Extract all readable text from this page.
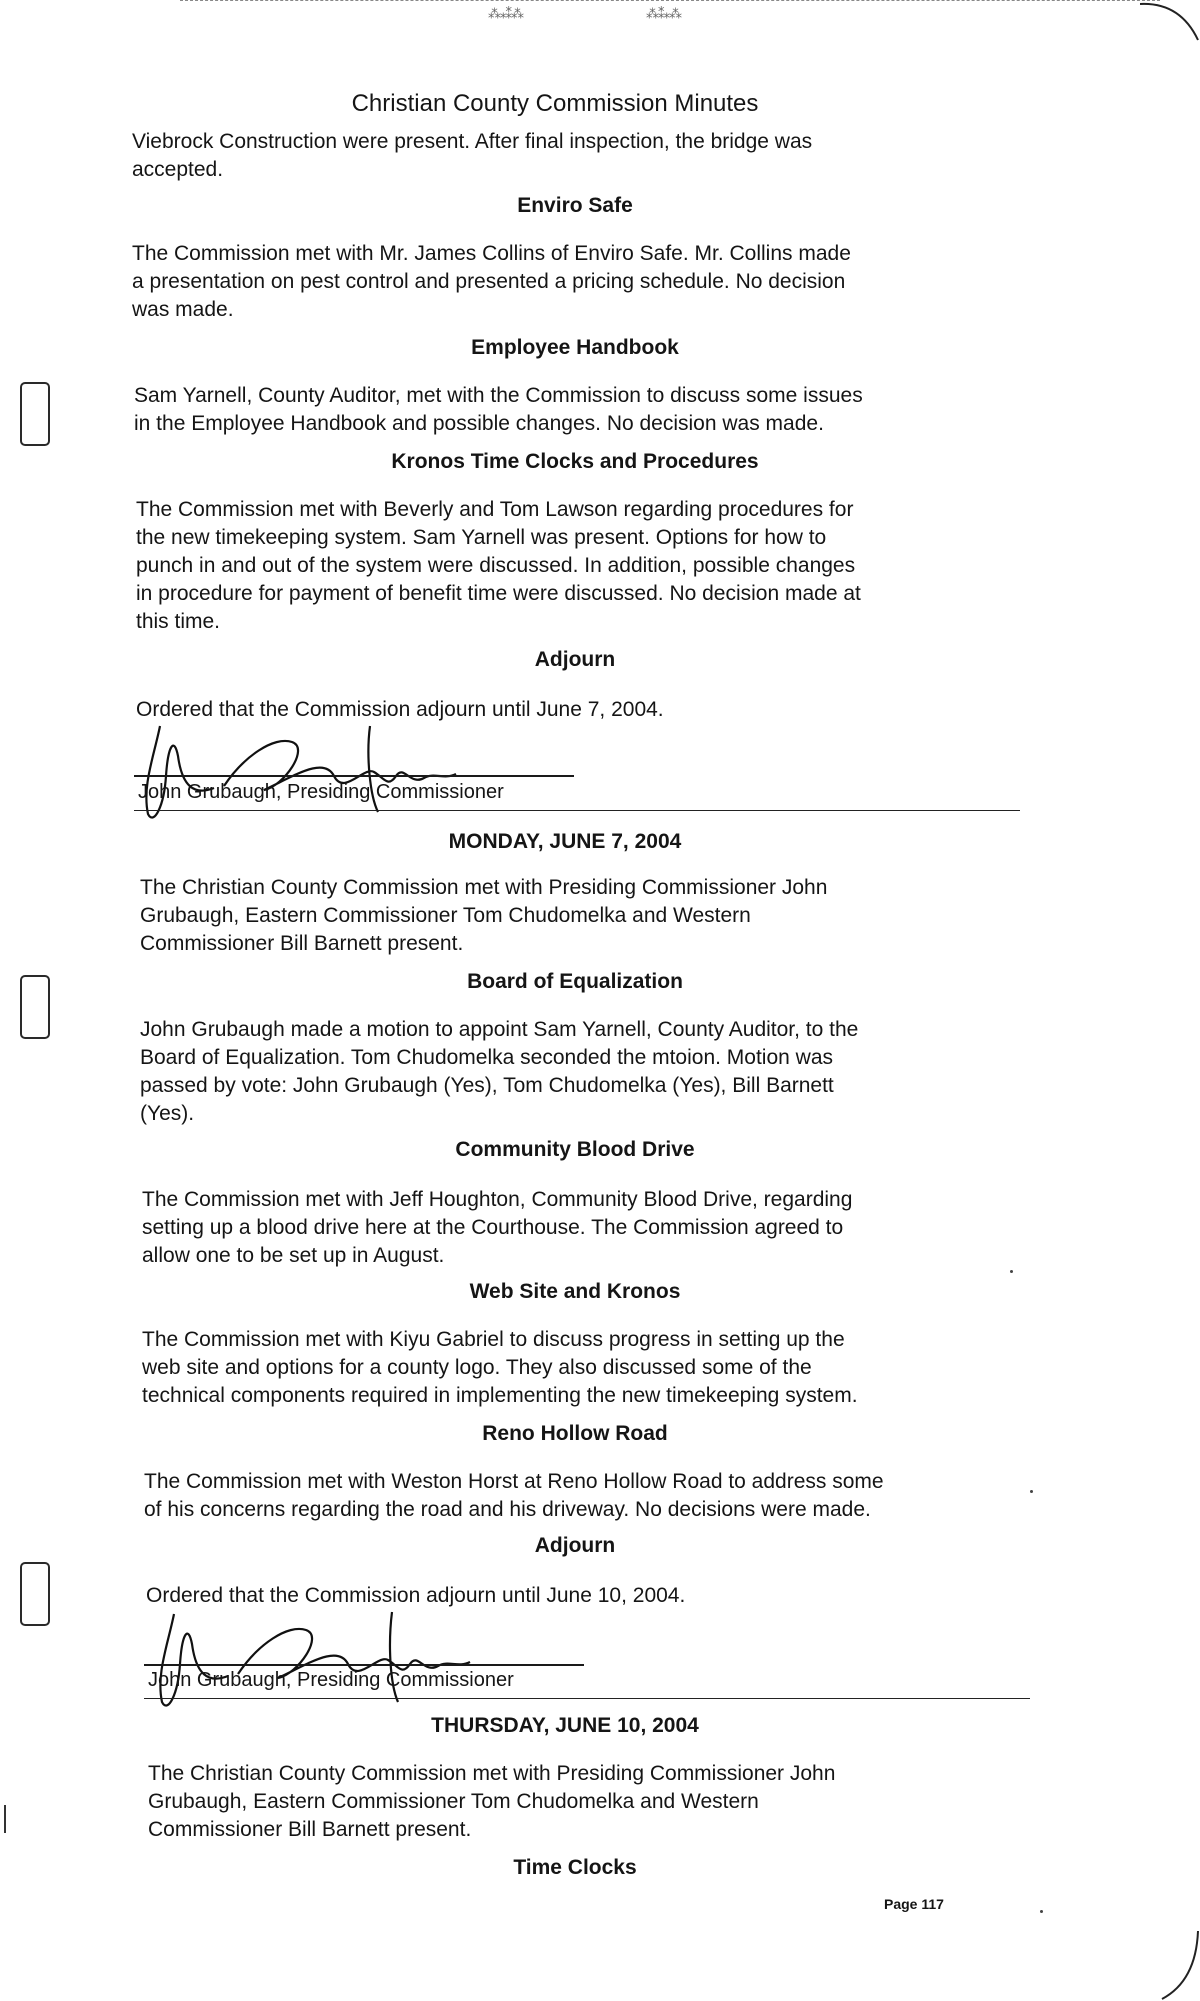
⁂⁎⁑⁂	⁂⁑⁎⁂
Christian County Commission Minutes

Viebrock Construction were present. After final inspection, the bridge was
accepted.

Enviro Safe

The Commission met with Mr. James Collins of Enviro Safe. Mr. Collins made
a presentation on pest control and presented a pricing schedule. No decision
was made.

Employee Handbook

Sam Yarnell, County Auditor, met with the Commission to discuss some issues
in the Employee Handbook and possible changes. No decision was made.

Kronos Time Clocks and Procedures

The Commission met with Beverly and Tom Lawson regarding procedures for
the new timekeeping system. Sam Yarnell was present. Options for how to
punch in and out of the system were discussed. In addition, possible changes
in procedure for payment of benefit time were discussed. No decision made at
this time.

Adjourn

Ordered that the Commission adjourn until June 7, 2004.

John Grubaugh, Presiding Commissioner

MONDAY, JUNE 7, 2004

The Christian County Commission met with Presiding Commissioner John
Grubaugh, Eastern Commissioner Tom Chudomelka and Western
Commissioner Bill Barnett present.

Board of Equalization

John Grubaugh made a motion to appoint Sam Yarnell, County Auditor, to the
Board of Equalization. Tom Chudomelka seconded the mtoion. Motion was
passed by vote: John Grubaugh (Yes), Tom Chudomelka (Yes), Bill Barnett
(Yes).

Community Blood Drive

The Commission met with Jeff Houghton, Community Blood Drive, regarding
setting up a blood drive here at the Courthouse. The Commission agreed to
allow one to be set up in August.

Web Site and Kronos

The Commission met with Kiyu Gabriel to discuss progress in setting up the
web site and options for a county logo. They also discussed some of the
technical components required in implementing the new timekeeping system.

Reno Hollow Road

The Commission met with Weston Horst at Reno Hollow Road to address some
of his concerns regarding the road and his driveway. No decisions were made.

Adjourn

Ordered that the Commission adjourn until June 10, 2004.

John Grubaugh, Presiding Commissioner

THURSDAY, JUNE 10, 2004

The Christian County Commission met with Presiding Commissioner John
Grubaugh, Eastern Commissioner Tom Chudomelka and Western
Commissioner Bill Barnett present.

Time Clocks

Page 117
